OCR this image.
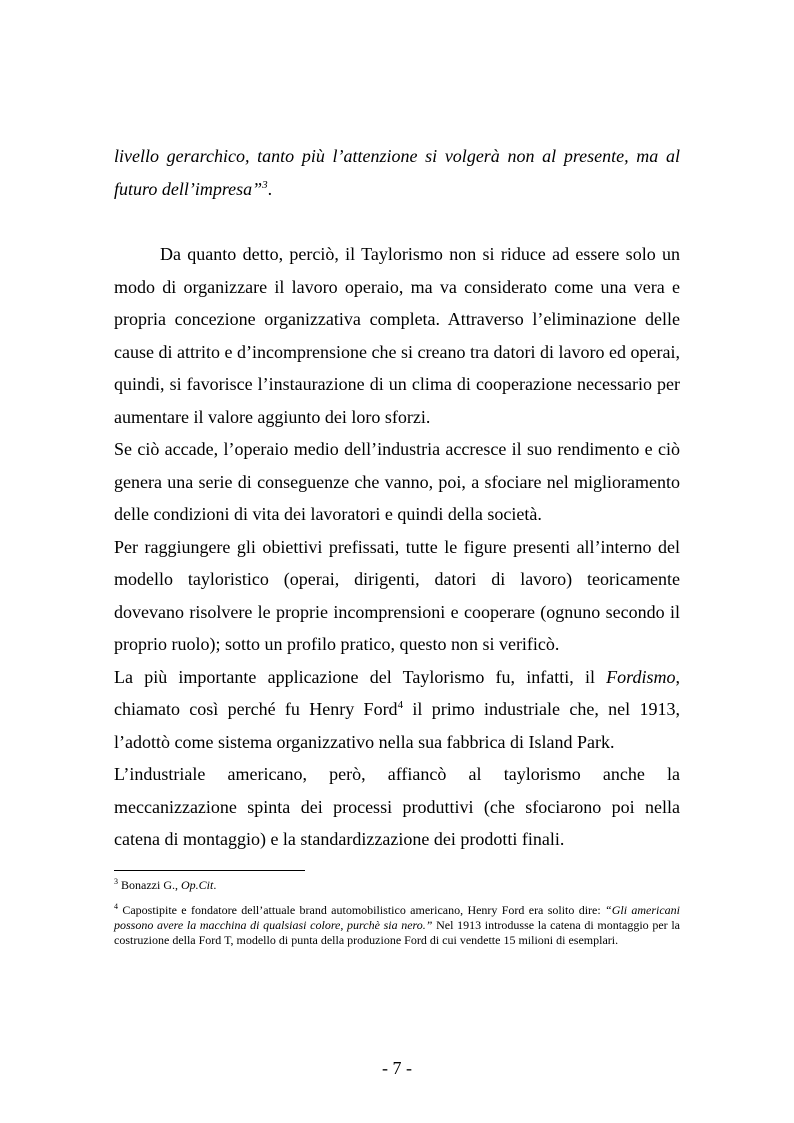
livello gerarchico, tanto più l’attenzione si volgerà non al presente, ma al futuro dell’impresa”$^3$.

Da quanto detto, perciò, il Taylorismo non si riduce ad essere solo un modo di organizzare il lavoro operaio, ma va considerato come una vera e propria concezione organizzativa completa. Attraverso l’eliminazione delle cause di attrito e d’incomprensione che si creano tra datori di lavoro ed operai, quindi, si favorisce l’instaurazione di un clima di cooperazione necessario per aumentare il valore aggiunto dei loro sforzi.

Se ciò accade, l’operaio medio dell’industria accresce il suo rendimento e ciò genera una serie di conseguenze che vanno, poi, a sfociare nel miglioramento delle condizioni di vita dei lavoratori e quindi della società.

Per raggiungere gli obiettivi prefissati, tutte le figure presenti all’interno del modello tayloristico (operai, dirigenti, datori di lavoro) teoricamente dovevano risolvere le proprie incomprensioni e cooperare (ognuno secondo il proprio ruolo); sotto un profilo pratico, questo non si verificò.

La più importante applicazione del Taylorismo fu, infatti, il Fordismo, chiamato così perché fu Henry Ford$^4$ il primo industriale che, nel 1913, l’adottò come sistema organizzativo nella sua fabbrica di Island Park.

L’industriale americano, però, affiancò al taylorismo anche la meccanizzazione spinta dei processi produttivi (che sfociarono poi nella catena di montaggio) e la standardizzazione dei prodotti finali.

$^3$ Bonazzi G., Op.Cit.

$^4$ Capostipite e fondatore dell’attuale brand automobilistico americano, Henry Ford era solito dire: “Gli americani possono avere la macchina di qualsiasi colore, purchè sia nero.” Nel 1913 introdusse la catena di montaggio per la costruzione della Ford T, modello di punta della produzione Ford di cui vendette 15 milioni di esemplari.

- 7 -
